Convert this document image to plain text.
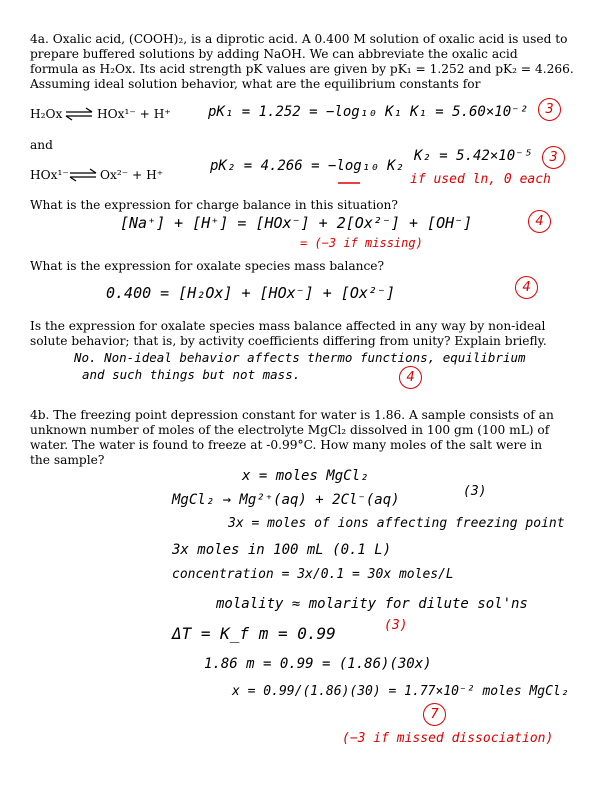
4a. Oxalic acid, (COOH)₂, is a diprotic acid. A 0.400 M solution of oxalic acid is used to
prepare buffered solutions by adding NaOH. We can abbreviate the oxalic acid
formula as H₂Ox. Its acid strength pK values are given by pK₁ = 1.252 and pK₂ = 4.266.
Assuming ideal solution behavior, what are the equilibrium constants for
H₂Ox ⇌ HOx¹⁻ + H⁺	pK₁ = 1.252 = −log₁₀ K₁ K₁ = 5.60×10⁻²	3
and
HOx¹⁻ ⇌ Ox²⁻ + H⁺
pK₂ = 4.266 = −log₁₀ K₂
K₂ = 5.42×10⁻⁵	3
if used ln, 0 each
What is the expression for charge balance in this situation?
[Na⁺] + [H⁺] = [HOx⁻] + 2[Ox²⁻] + [OH⁻]
= (−3 if missing)
4
What is the expression for oxalate species mass balance?
0.400 = [H₂Ox] + [HOx⁻] + [Ox²⁻]	4
Is the expression for oxalate species mass balance affected in any way by non-ideal
solute behavior; that is, by activity coefficients differing from unity? Explain briefly.
No. Non-ideal behavior affects thermo functions, equilibrium
and such things but not mass.	4
4b. The freezing point depression constant for water is 1.86. A sample consists of an
unknown number of moles of the electrolyte MgCl₂ dissolved in 100 gm (100 mL) of
water. The water is found to freeze at -0.99°C. How many moles of the salt were in
the sample?
x = moles MgCl₂
MgCl₂ → Mg²⁺(aq) + 2Cl⁻(aq)
(3)
3x = moles of ions affecting freezing point
3x moles in 100 mL (0.1 L)
concentration = 3x/0.1 = 30x moles/L
molality ≈ molarity for dilute sol'ns
ΔT = K_f m = 0.99	(3)
1.86 m = 0.99 = (1.86)(30x)
x = 0.99/(1.86)(30) = 1.77×10⁻² moles MgCl₂
7
(−3 if missed dissociation)
